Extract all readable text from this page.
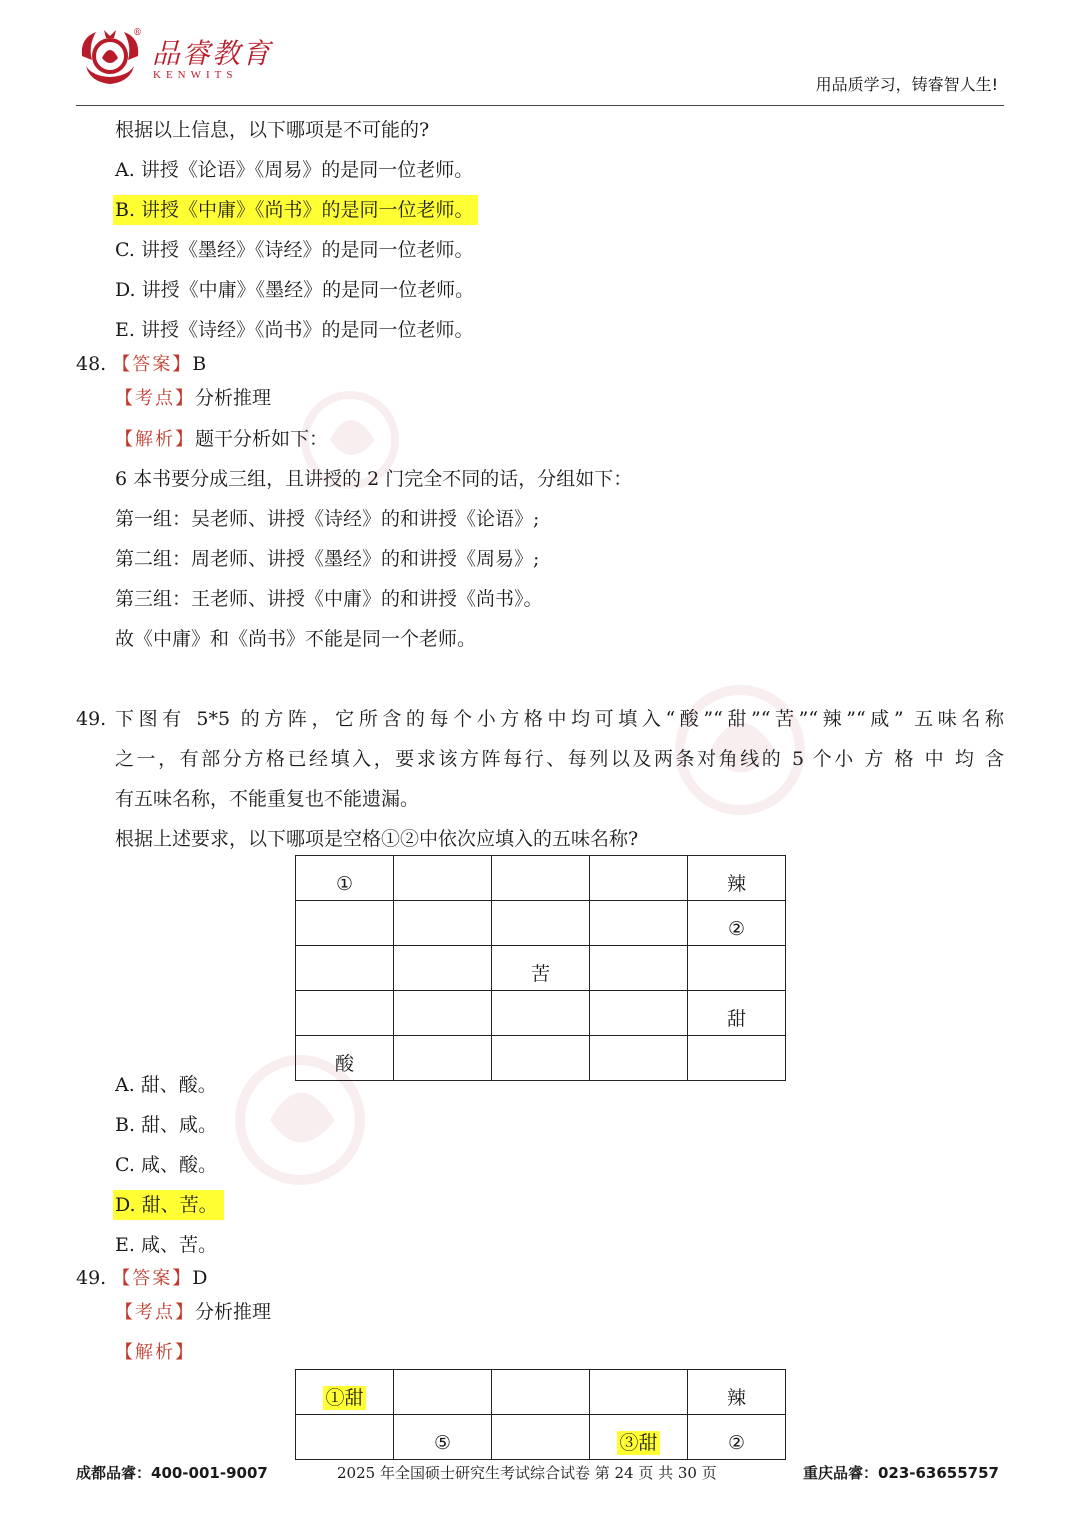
®
品睿教育
KENWITS	用品质学习，铸睿智人生!
根据以上信息，以下哪项是不可能的?
A. 讲授《论语》《周易》的是同一位老师。
B. 讲授《中庸》《尚书》的是同一位老师。
C. 讲授《墨经》《诗经》的是同一位老师。
D. 讲授《中庸》《墨经》的是同一位老师。
E. 讲授《诗经》《尚书》的是同一位老师。
48. 【答案】B
【考点】分析推理
【解析】题干分析如下：
6 本书要分成三组，且讲授的 2 门完全不同的话，分组如下：
第一组：吴老师、讲授《诗经》的和讲授《论语》;
第二组：周老师、讲授《墨经》的和讲授《周易》;
第三组：王老师、讲授《中庸》的和讲授《尚书》。
故《中庸》和《尚书》不能是同一个老师。
49. 下图有 5*5 的方阵，它所含的每个小方格中均可填入“酸”“甜”“苦”“辣”“咸” 五味名称
之一，有部分方格已经填入，要求该方阵每行、每列以及两条对角线的 5 个小 方 格 中 均 含
有五味名称，不能重复也不能遗漏。
根据上述要求，以下哪项是空格①②中依次应填入的五味名称?
①				辣
				②
		苦		
				甜
酸				
A. 甜、酸。
B. 甜、咸。
C. 咸、酸。
D. 甜、苦。
E. 咸、苦。
49. 【答案】D
【考点】分析推理
【解析】
①甜				辣
	⑤		③甜	②
成都品睿：400-001-9007	2025 年全国硕士研究生考试综合试卷 第 24 页 共 30 页	重庆品睿：023-63655757
